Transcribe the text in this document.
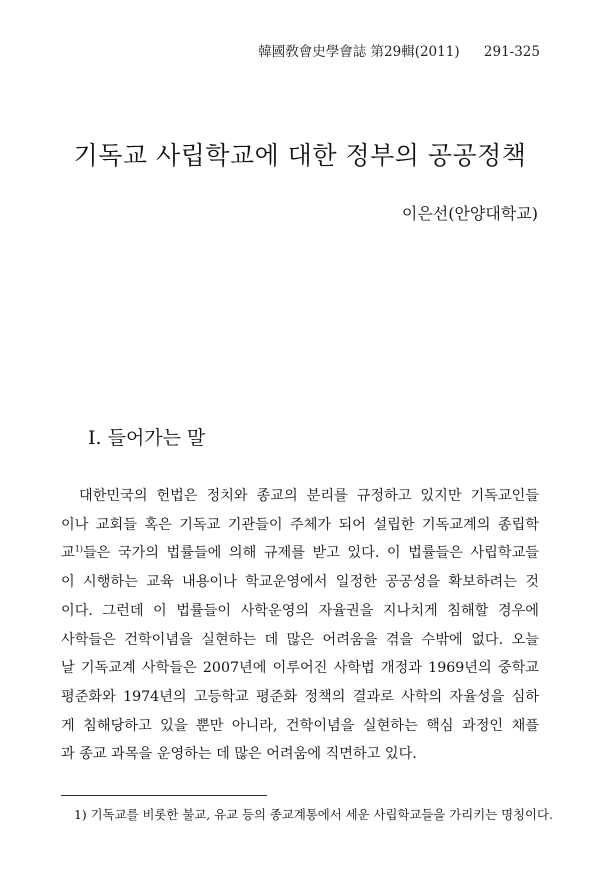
韓國敎會史學會誌 第29輯(2011) 291-325
기독교 사립학교에 대한 정부의 공공정책
이은선(안양대학교)
Ⅰ. 들어가는 말
대한민국의 헌법은 정치와 종교의 분리를 규정하고 있지만 기독교인들
이나 교회들 혹은 기독교 기관들이 주체가 되어 설립한 기독교계의 종립학
교$^{1)}$들은 국가의 법률들에 의해 규제를 받고 있다. 이 법률들은 사립학교들
이 시행하는 교육 내용이나 학교운영에서 일정한 공공성을 확보하려는 것
이다. 그런데 이 법률들이 사학운영의 자율권을 지나치게 침해할 경우에
사학들은 건학이념을 실현하는 데 많은 어려움을 겪을 수밖에 없다. 오늘
날 기독교계 사학들은 2007년에 이루어진 사학법 개정과 1969년의 중학교
평준화와 1974년의 고등학교 평준화 정책의 결과로 사학의 자율성을 심하
게 침해당하고 있을 뿐만 아니라, 건학이념을 실현하는 핵심 과정인 채플
과 종교 과목을 운영하는 데 많은 어려움에 직면하고 있다.
1) 기독교를 비롯한 불교, 유교 등의 종교계통에서 세운 사립학교들을 가리키는 명칭이다.
